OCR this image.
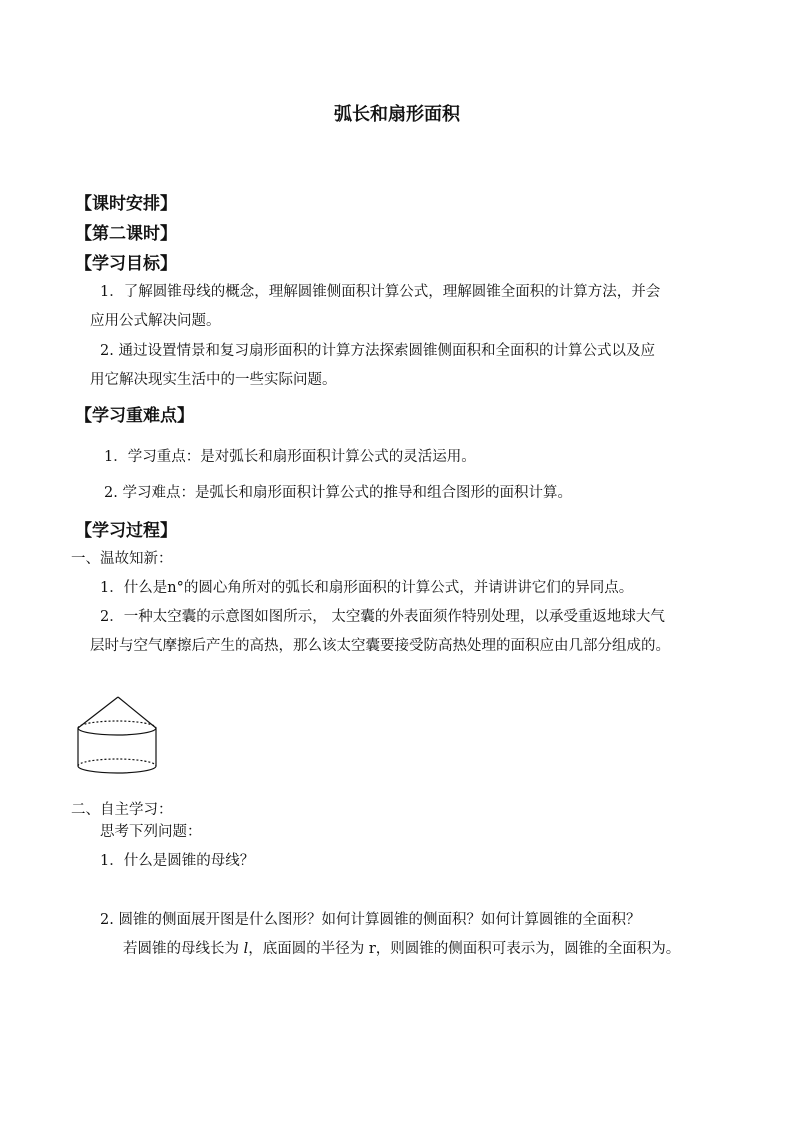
弧长和扇形面积
【课时安排】
【第二课时】
【学习目标】
1．了解圆锥母线的概念，理解圆锥侧面积计算公式，理解圆锥全面积的计算方法，并会
应用公式解决问题。
2. 通过设置情景和复习扇形面积的计算方法探索圆锥侧面积和全面积的计算公式以及应
用它解决现实生活中的一些实际问题。
【学习重难点】
1．学习重点：是对弧长和扇形面积计算公式的灵活运用。
2. 学习难点：是弧长和扇形面积计算公式的推导和组合图形的面积计算。
【学习过程】
一、温故知新：
1．什么是n°的圆心角所对的弧长和扇形面积的计算公式，并请讲讲它们的异同点。
2．一种太空囊的示意图如图所示， 太空囊的外表面须作特别处理，以承受重返地球大气
层时与空气摩擦后产生的高热，那么该太空囊要接受防高热处理的面积应由几部分组成的。
二、自主学习：
思考下列问题：
1．什么是圆锥的母线？
2. 圆锥的侧面展开图是什么图形？如何计算圆锥的侧面积？如何计算圆锥的全面积？
若圆锥的母线长为 l，底面圆的半径为 r，则圆锥的侧面积可表示为，圆锥的全面积为。
